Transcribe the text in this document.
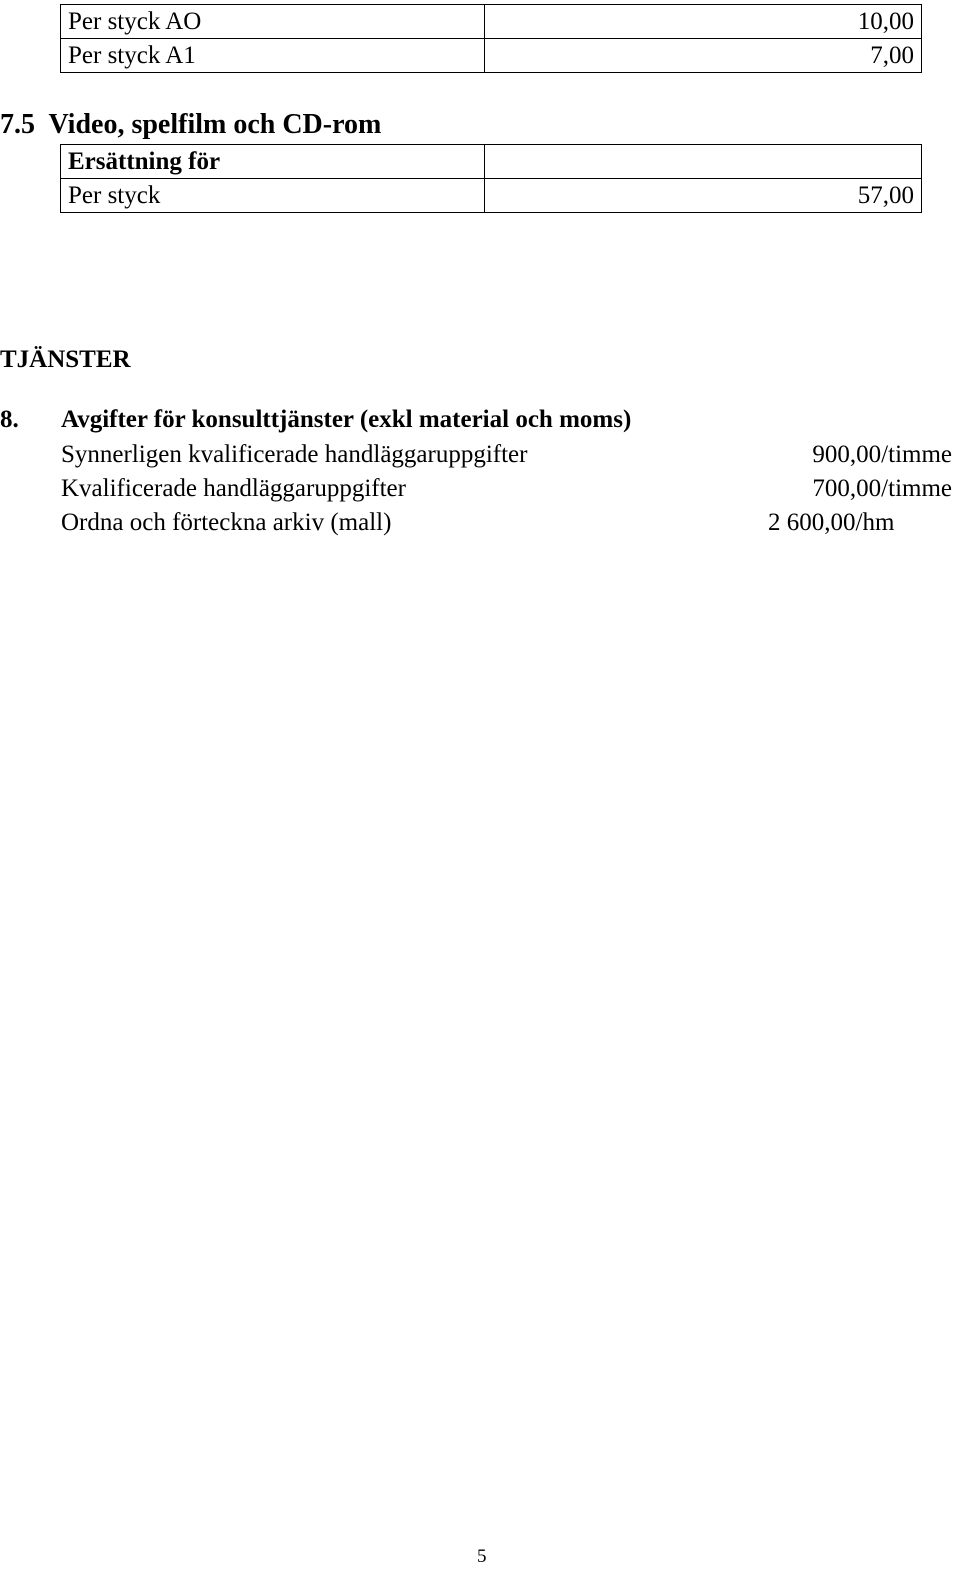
Per styck AO	10,00
Per styck A1	7,00
7.5  Video, spelfilm och CD-rom
Ersättning för	
Per styck	57,00
TJÄNSTER
8. Avgifter för konsulttjänster (exkl material och moms)
Synnerligen kvalificerade handläggaruppgifter	900,00/timme
Kvalificerade handläggaruppgifter	700,00/timme
Ordna och förteckna arkiv (mall)	2 600,00/hm
5
